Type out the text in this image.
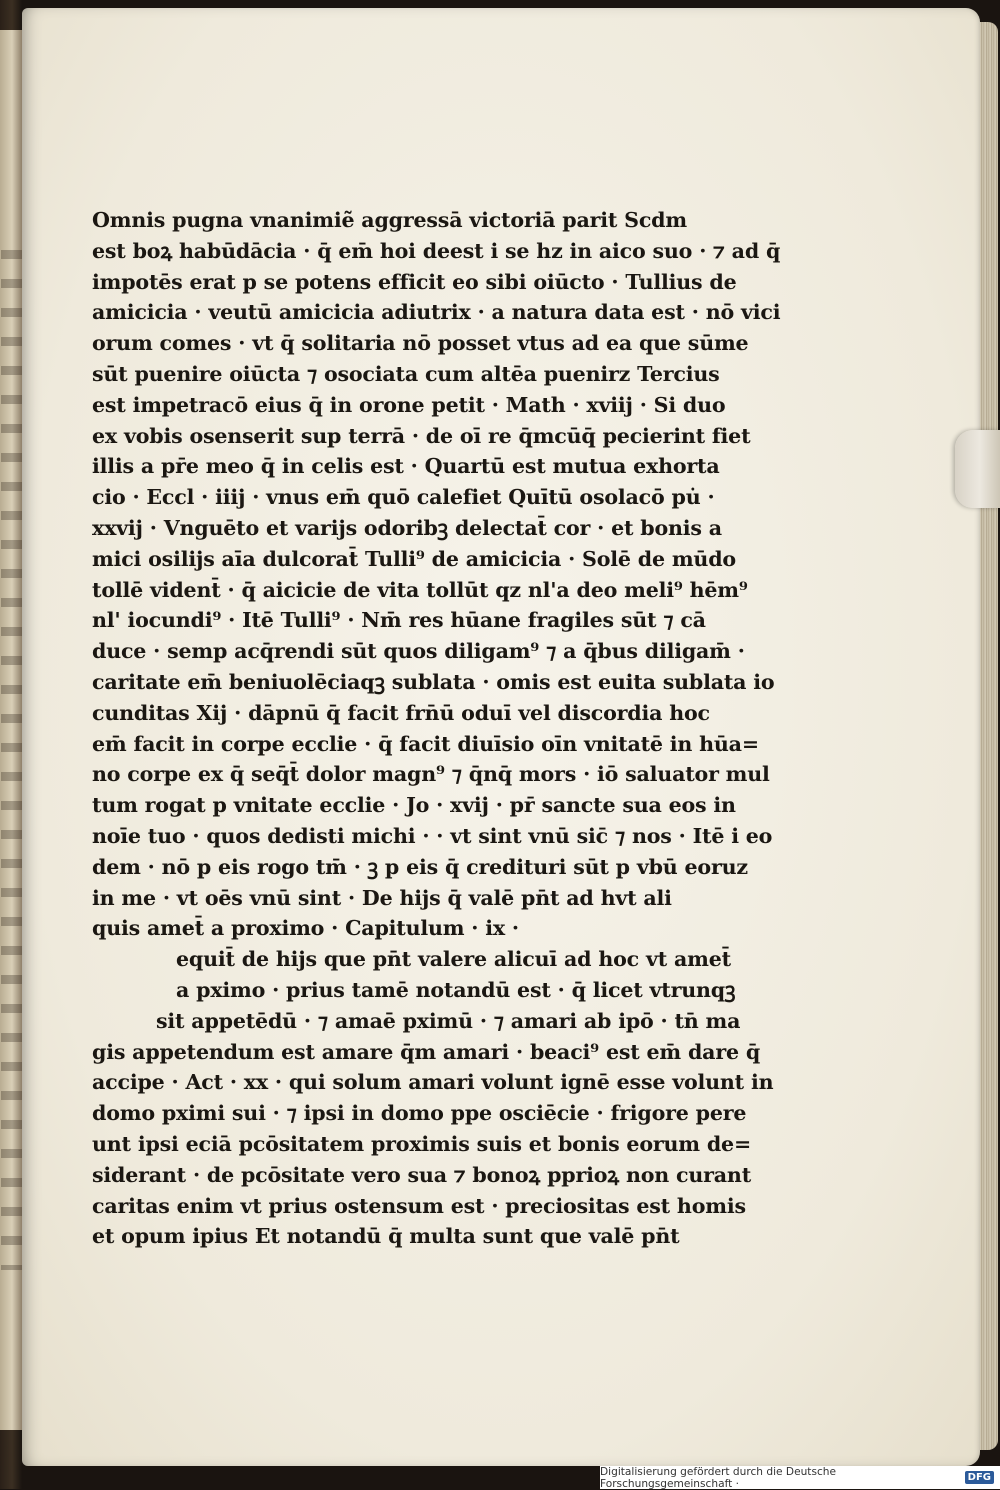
Omnis pugna vnanimiẽ aggressā victoriā parit Scdm
est boꝝ habūdācia · q̄ em̄ hoi deest i se hz in aico suo · ⁊ ad q̄
impotēs erat p se potens efficit eo sibi oiūcto · Tullius de
amicicia · veutū amicicia adiutrix · a natura data est · nō vici
orum comes · vt q̄ solitaria nō posset vtus ad ea que sūme
sūt puenire oiūcta ⁊ osociata cum altēa puenirz Tercius
est impetracō eius q̄ in orone petit · Math · xviij · Si duo
ex vobis osenserit sup terrā · de oī re q̄mcūq̄ pecierint fiet
illis a pr̄e meo q̄ in celis est · Quartū est mutua exhorta
cio · Eccl · iiij · vnus em̄ quō calefiet Quītū osolacō pu̇ ·
xxvij · Vnguēto et varijs odoribꝫ delectat̄ cor · et bonis a
mici osilijs aīa dulcorat̄ Tulli⁹ de amicicia · Solē de mūdo
tollē vident̄ · q̄ aicicie de vita tollūt qz nl'a deo meli⁹ hēm⁹
nl' iocundi⁹ · Itē Tulli⁹ · Nm̄ res hūane fragiles sūt ⁊ cā
duce · semp acq̄rendi sūt quos diligam⁹ ⁊ a q̄bus diligam̄ ·
caritate em̄ beniuolēciaqꝫ sublata · omis est euita sublata io
cunditas Xij · dāpnū q̄ facit frn̄ū oduī vel discordia hoc
em̄ facit in corpe ecclie · q̄ facit diuīsio oīn vnitatē in hūa=
no corpe ex q̄ seq̄t̄ dolor magn⁹ ⁊ q̄nq̄ mors · iō saluator mul
tum rogat p vnitate ecclie · Jo · xvij · pr̄ sancte sua eos in
noīe tuo · quos dedisti michi · · vt sint vnū sic̄ ⁊ nos · Itē i eo
dem · nō p eis rogo tm̄ · ꝫ p eis q̄ credituri sūt p vbū eoruz
in me · vt oēs vnū sint · De hijs q̄ valē pn̄t ad hvt ali
quis amet̄ a proximo · Capitulum · ix ·
equit̄ de hijs que pn̄t valere alicuī ad hoc vt amet̄
a pximo · prius tamē notandū est · q̄ licet vtrunqꝫ
sit appetēdū · ⁊ amaē pximū · ⁊ amari ab ipō · tn̄ ma
gis appetendum est amare q̄m amari · beaci⁹ est em̄ dare q̄
accipe · Act · xx · qui solum amari volunt ignē esse volunt in
domo pximi sui · ⁊ ipsi in domo ppe osciēcie · frigore pere
unt ipsi eciā pcōsitatem proximis suis et bonis eorum de=
siderant · de pcōsitate vero sua ⁊ bonoꝝ pprioꝝ non curant
caritas enim vt prius ostensum est · preciositas est homis
et opum ipius Et notandū q̄ multa sunt que valē pn̄t
Digitalisierung gefördert durch die Deutsche Forschungsgemeinschaft ·	DFG
